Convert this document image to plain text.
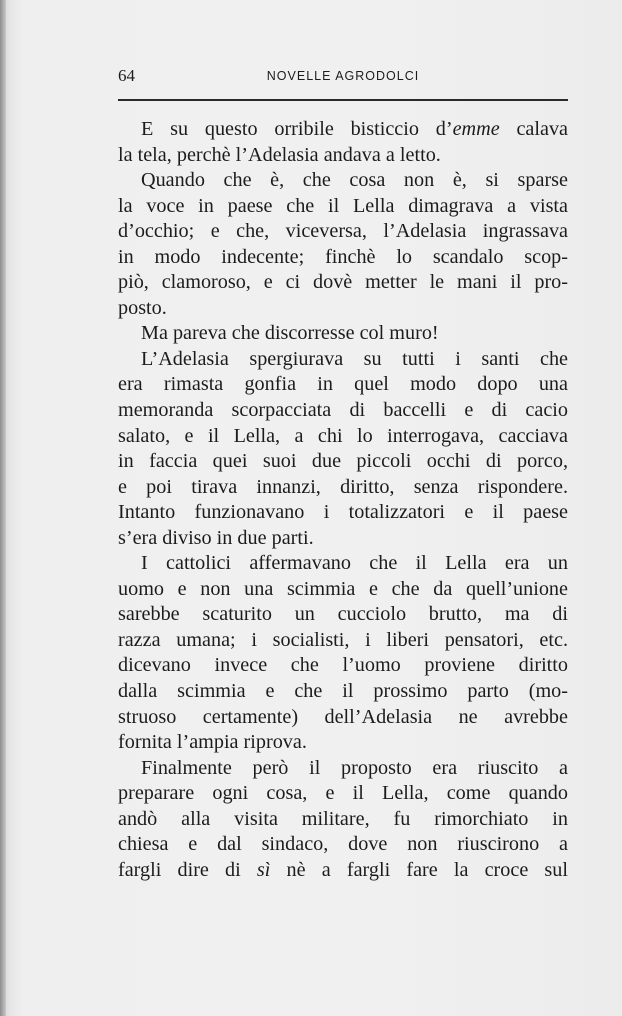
64	NOVELLE AGRODOLCI
E su questo orribile bisticcio d’emme calava
la tela, perchè l’Adelasia andava a letto.
Quando che è, che cosa non è, si sparse
la voce in paese che il Lella dimagrava a vista
d’occhio; e che, viceversa, l’Adelasia ingrassava
in modo indecente; finchè lo scandalo scop-
piò, clamoroso, e ci dovè metter le mani il pro-
posto.
Ma pareva che discorresse col muro!
L’Adelasia spergiurava su tutti i santi che
era rimasta gonfia in quel modo dopo una
memoranda scorpacciata di baccelli e di cacio
salato, e il Lella, a chi lo interrogava, cacciava
in faccia quei suoi due piccoli occhi di porco,
e poi tirava innanzi, diritto, senza rispondere.
Intanto funzionavano i totalizzatori e il paese
s’era diviso in due parti.
I cattolici affermavano che il Lella era un
uomo e non una scimmia e che da quell’unione
sarebbe scaturito un cucciolo brutto, ma di
razza umana; i socialisti, i liberi pensatori, etc.
dicevano invece che l’uomo proviene diritto
dalla scimmia e che il prossimo parto (mo-
struoso certamente) dell’Adelasia ne avrebbe
fornita l’ampia riprova.
Finalmente però il proposto era riuscito a
preparare ogni cosa, e il Lella, come quando
andò alla visita militare, fu rimorchiato in
chiesa e dal sindaco, dove non riuscirono a
fargli dire di sì nè a fargli fare la croce sul
